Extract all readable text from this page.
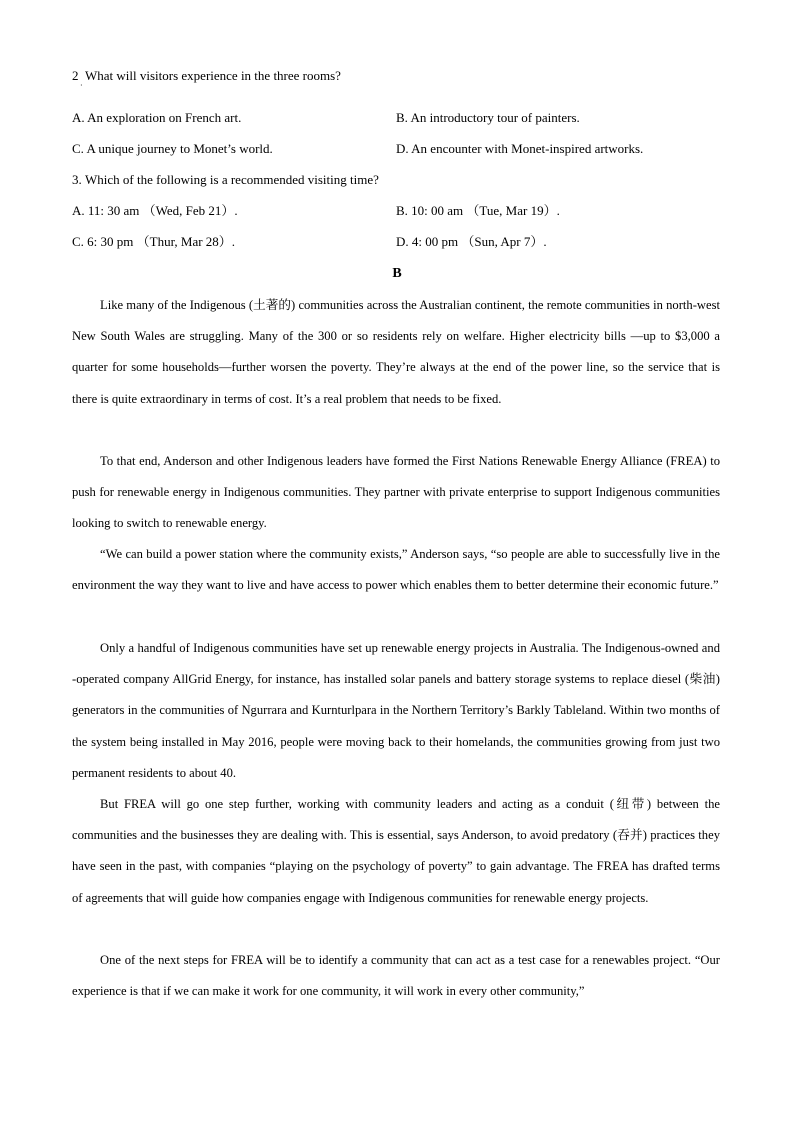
2 What will visitors experience in the three rooms?
·
A. An exploration on French art.	B. An introductory tour of painters.
C. A unique journey to Monet’s world.	D. An encounter with Monet-inspired artworks.
3. Which of the following is a recommended visiting time?
A. 11: 30 am （Wed, Feb 21）.	B. 10: 00 am （Tue, Mar 19）.
C. 6: 30 pm （Thur, Mar 28）.	D. 4: 00 pm （Sun, Apr 7）.
B
Like many of the Indigenous (土著的) communities across the Australian continent, the remote communities in north-west New South Wales are struggling. Many of the 300 or so residents rely on welfare. Higher electricity bills —up to $3,000 a quarter for some households—further worsen the poverty. They’re always at the end of the power line, so the service that is there is quite extraordinary in terms of cost. It’s a real problem that needs to be fixed.
To that end, Anderson and other Indigenous leaders have formed the First Nations Renewable Energy Alliance (FREA) to push for renewable energy in Indigenous communities. They partner with private enterprise to support Indigenous communities looking to switch to renewable energy.
“We can build a power station where the community exists,” Anderson says, “so people are able to successfully live in the environment the way they want to live and have access to power which enables them to better determine their economic future.”
Only a handful of Indigenous communities have set up renewable energy projects in Australia. The Indigenous-owned and -operated company AllGrid Energy, for instance, has installed solar panels and battery storage systems to replace diesel (柴油) generators in the communities of Ngurrara and Kurnturlpara in the Northern Territory’s Barkly Tableland. Within two months of the system being installed in May 2016, people were moving back to their homelands, the communities growing from just two permanent residents to about 40.
But FREA will go one step further, working with community leaders and acting as a conduit (纽带) between the communities and the businesses they are dealing with. This is essential, says Anderson, to avoid predatory (吞并) practices they have seen in the past, with companies “playing on the psychology of poverty” to gain advantage. The FREA has drafted terms of agreements that will guide how companies engage with Indigenous communities for renewable energy projects.
One of the next steps for FREA will be to identify a community that can act as a test case for a renewables project. “Our experience is that if we can make it work for one community, it will work in every other community,”
